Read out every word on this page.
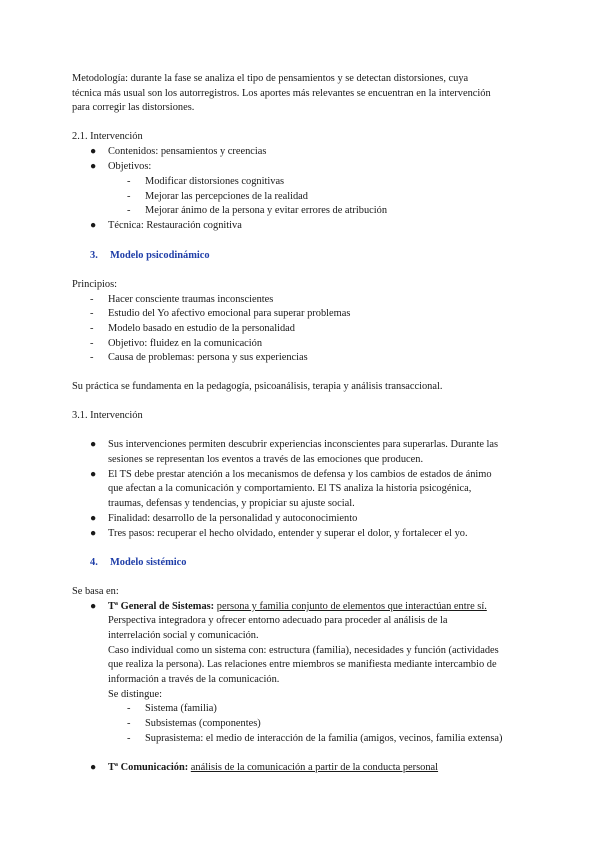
Metodología: durante la fase se analiza el tipo de pensamientos y se detectan distorsiones, cuya
técnica más usual son los autorregistros. Los aportes más relevantes se encuentran en la intervención
para corregir las distorsiones.
2.1. Intervención
● Contenidos: pensamientos y creencias
● Objetivos:
- Modificar distorsiones cognitivas
- Mejorar las percepciones de la realidad
- Mejorar ánimo de la persona y evitar errores de atribución
● Técnica: Restauración cognitiva
3. Modelo psicodinámico
Principios:
- Hacer consciente traumas inconscientes
- Estudio del Yo afectivo emocional para superar problemas
- Modelo basado en estudio de la personalidad
- Objetivo: fluidez en la comunicación
- Causa de problemas: persona y sus experiencias
Su práctica se fundamenta en la pedagogía, psicoanálisis, terapia y análisis transaccional.
3.1. Intervención
● Sus intervenciones permiten descubrir experiencias inconscientes para superarlas. Durante las
sesiones se representan los eventos a través de las emociones que producen.
● El TS debe prestar atención a los mecanismos de defensa y los cambios de estados de ánimo
que afectan a la comunicación y comportamiento. El TS analiza la historia psicogénica,
traumas, defensas y tendencias, y propiciar su ajuste social.
● Finalidad: desarrollo de la personalidad y autoconocimiento
● Tres pasos: recuperar el hecho olvidado, entender y superar el dolor, y fortalecer el yo.
4. Modelo sistémico
Se basa en:
● Tª General de Sistemas: persona y familia conjunto de elementos que interactúan entre sí.
Perspectiva integradora y ofrecer entorno adecuado para proceder al análisis de la
interrelación social y comunicación.
Caso individual como un sistema con: estructura (familia), necesidades y función (actividades
que realiza la persona). Las relaciones entre miembros se manifiesta mediante intercambio de
información a través de la comunicación.
Se distingue:
- Sistema (familia)
- Subsistemas (componentes)
- Suprasistema: el medio de interacción de la familia (amigos, vecinos, familia extensa)
● Tª Comunicación: análisis de la comunicación a partir de la conducta personal
